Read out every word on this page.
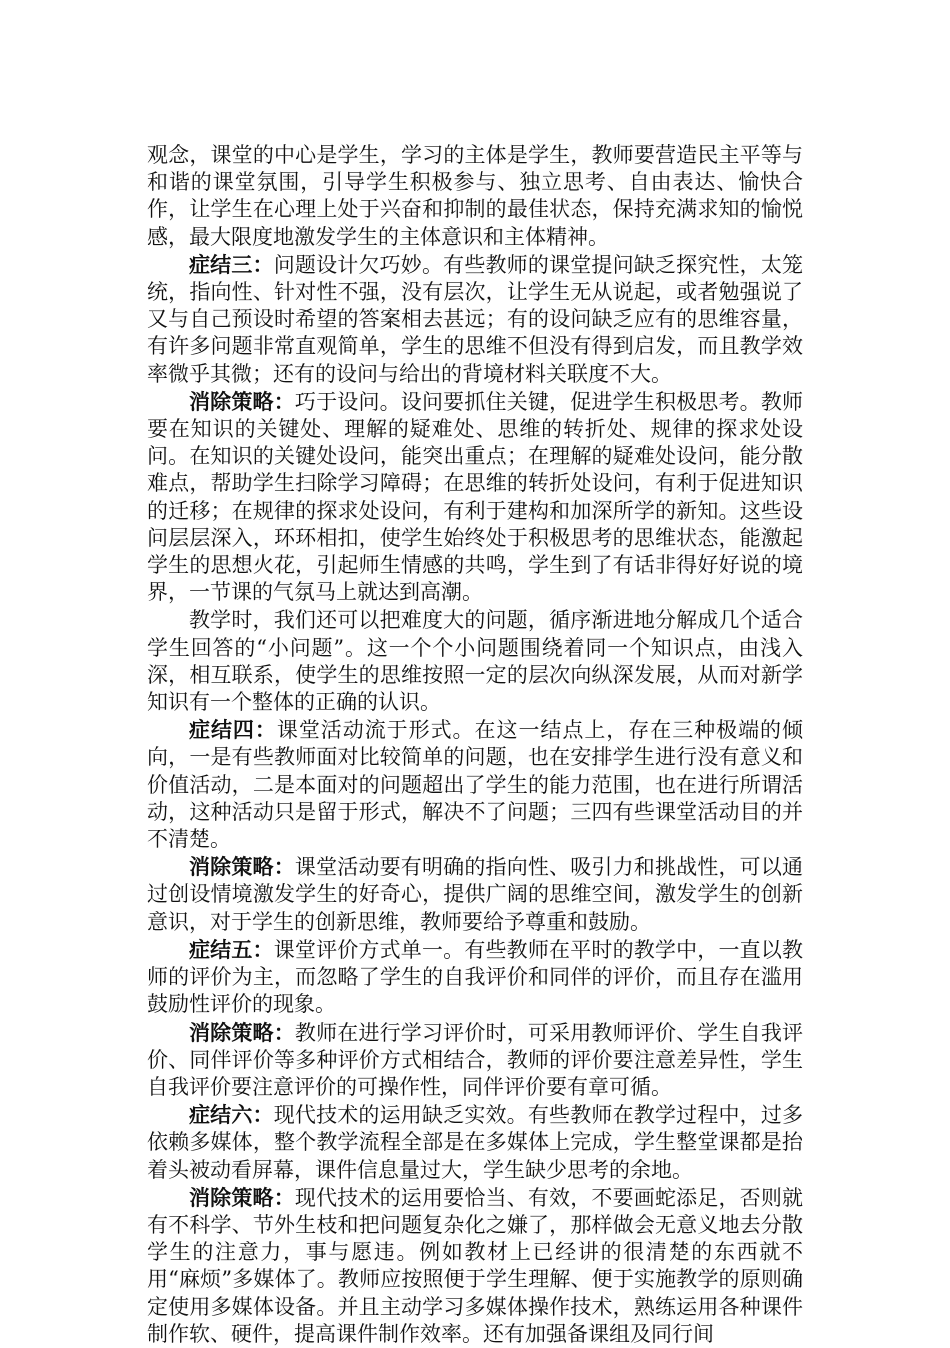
观念，课堂的中心是学生，学习的主体是学生，教师要营造民主平等与和谐的课堂氛围，引导学生积极参与、独立思考、自由表达、愉快合作，让学生在心理上处于兴奋和抑制的最佳状态，保持充满求知的愉悦感，最大限度地激发学生的主体意识和主体精神。

症结三：问题设计欠巧妙。有些教师的课堂提问缺乏探究性，太笼统，指向性、针对性不强，没有层次，让学生无从说起，或者勉强说了又与自己预设时希望的答案相去甚远；有的设问缺乏应有的思维容量，有许多问题非常直观简单，学生的思维不但没有得到启发，而且教学效率微乎其微；还有的设问与给出的背境材料关联度不大。

消除策略：巧于设问。设问要抓住关键，促进学生积极思考。教师要在知识的关键处、理解的疑难处、思维的转折处、规律的探求处设问。在知识的关键处设问，能突出重点；在理解的疑难处设问，能分散难点，帮助学生扫除学习障碍；在思维的转折处设问，有利于促进知识的迁移；在规律的探求处设问，有利于建构和加深所学的新知。这些设问层层深入，环环相扣，使学生始终处于积极思考的思维状态，能激起学生的思想火花，引起师生情感的共鸣，学生到了有话非得好好说的境界，一节课的气氛马上就达到高潮。

教学时，我们还可以把难度大的问题，循序渐进地分解成几个适合学生回答的“小问题”。这一个个小问题围绕着同一个知识点，由浅入深，相互联系，使学生的思维按照一定的层次向纵深发展，从而对新学知识有一个整体的正确的认识。

症结四：课堂活动流于形式。在这一结点上，存在三种极端的倾向，一是有些教师面对比较简单的问题，也在安排学生进行没有意义和价值活动，二是本面对的问题超出了学生的能力范围，也在进行所谓活动，这种活动只是留于形式，解决不了问题；三四有些课堂活动目的并不清楚。

消除策略：课堂活动要有明确的指向性、吸引力和挑战性，可以通过创设情境激发学生的好奇心，提供广阔的思维空间，激发学生的创新意识，对于学生的创新思维，教师要给予尊重和鼓励。

症结五：课堂评价方式单一。有些教师在平时的教学中，一直以教师的评价为主，而忽略了学生的自我评价和同伴的评价，而且存在滥用鼓励性评价的现象。

消除策略：教师在进行学习评价时，可采用教师评价、学生自我评价、同伴评价等多种评价方式相结合，教师的评价要注意差异性，学生自我评价要注意评价的可操作性，同伴评价要有章可循。

症结六：现代技术的运用缺乏实效。有些教师在教学过程中，过多依赖多媒体，整个教学流程全部是在多媒体上完成，学生整堂课都是抬着头被动看屏幕，课件信息量过大，学生缺少思考的余地。

消除策略：现代技术的运用要恰当、有效，不要画蛇添足，否则就有不科学、节外生枝和把问题复杂化之嫌了，那样做会无意义地去分散学生的注意力，事与愿违。例如教材上已经讲的很清楚的东西就不用“麻烦”多媒体了。教师应按照便于学生理解、便于实施教学的原则确定使用多媒体设备。并且主动学习多媒体操作技术，熟练运用各种课件制作软、硬件，提高课件制作效率。还有加强备课组及同行间
